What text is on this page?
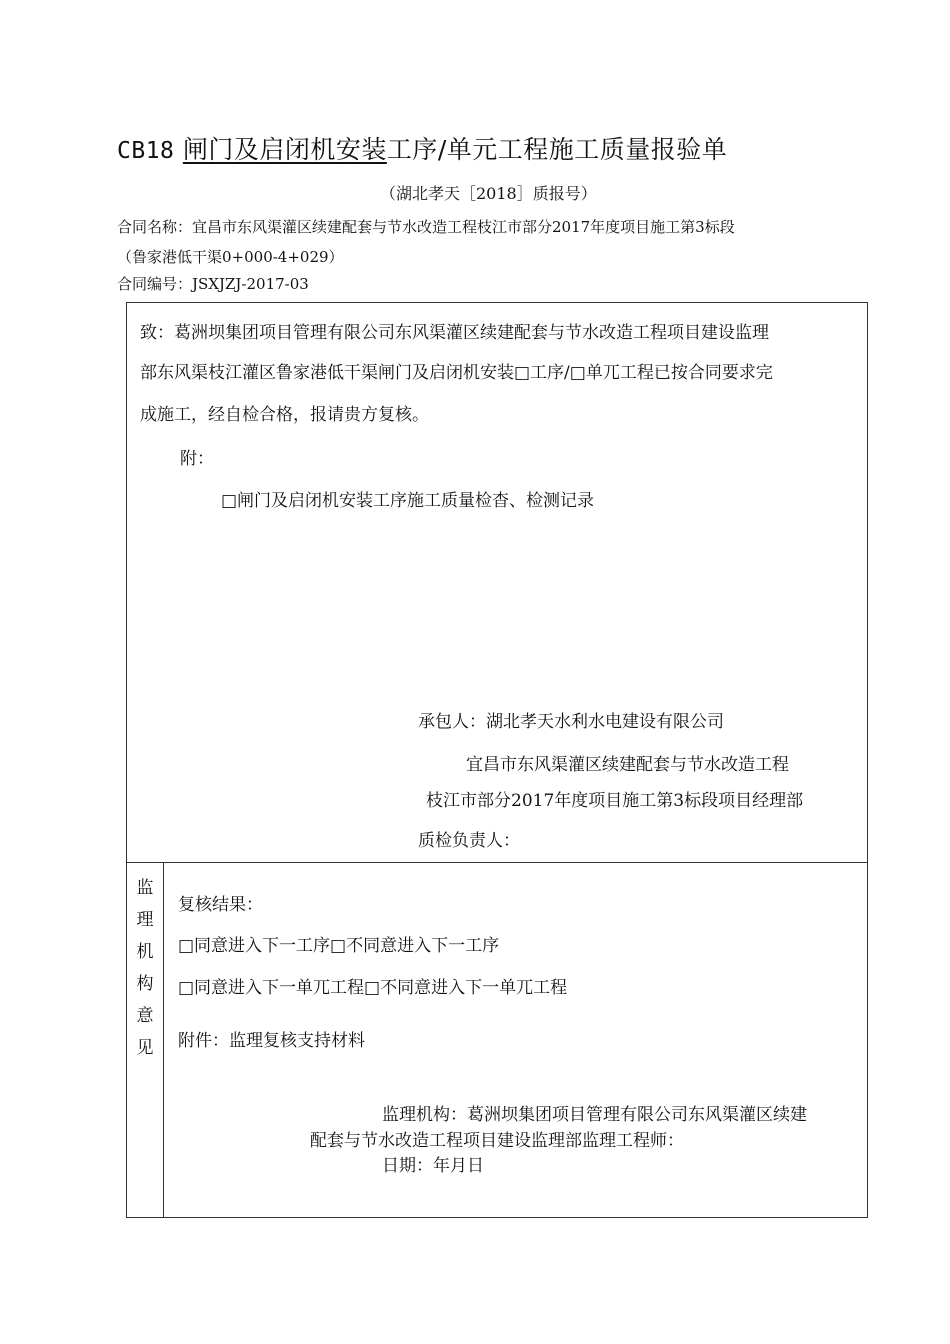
CB18 闸门及启闭机安装工序/单元工程施工质量报验单
（湖北孝天［2018］质报号）
合同名称：宜昌市东风渠灌区续建配套与节水改造工程枝江市部分2017年度项目施工第3标段
（鲁家港低干渠0+000-4+029）
合同编号：JSXJZJ-2017-03
致：葛洲坝集团项目管理有限公司东风渠灌区续建配套与节水改造工程项目建设监理
部东风渠枝江灌区鲁家港低干渠闸门及启闭机安装□工序/□单兀工程已按合同要求完
成施工，经自检合格，报请贵方复核。
附：
□闸门及启闭机安装工序施工质量检杳、检测记录
承包人：湖北孝天水利水电建设有限公司
宜昌市东风渠灌区续建配套与节水改造工程
枝江市部分2017年度项目施工第3标段项目经理部
质检负责人：
监理机构意见
复核结果：
□同意进入下一工序□不同意进入下一工序
□同意进入下一单兀工程□不同意进入下一单兀工程
附件：监理复核支持材料
监理机构：葛洲坝集团项目管理有限公司东风渠灌区续建
配套与节水改造工程项目建设监理部监理工程师：
日期：年月日
